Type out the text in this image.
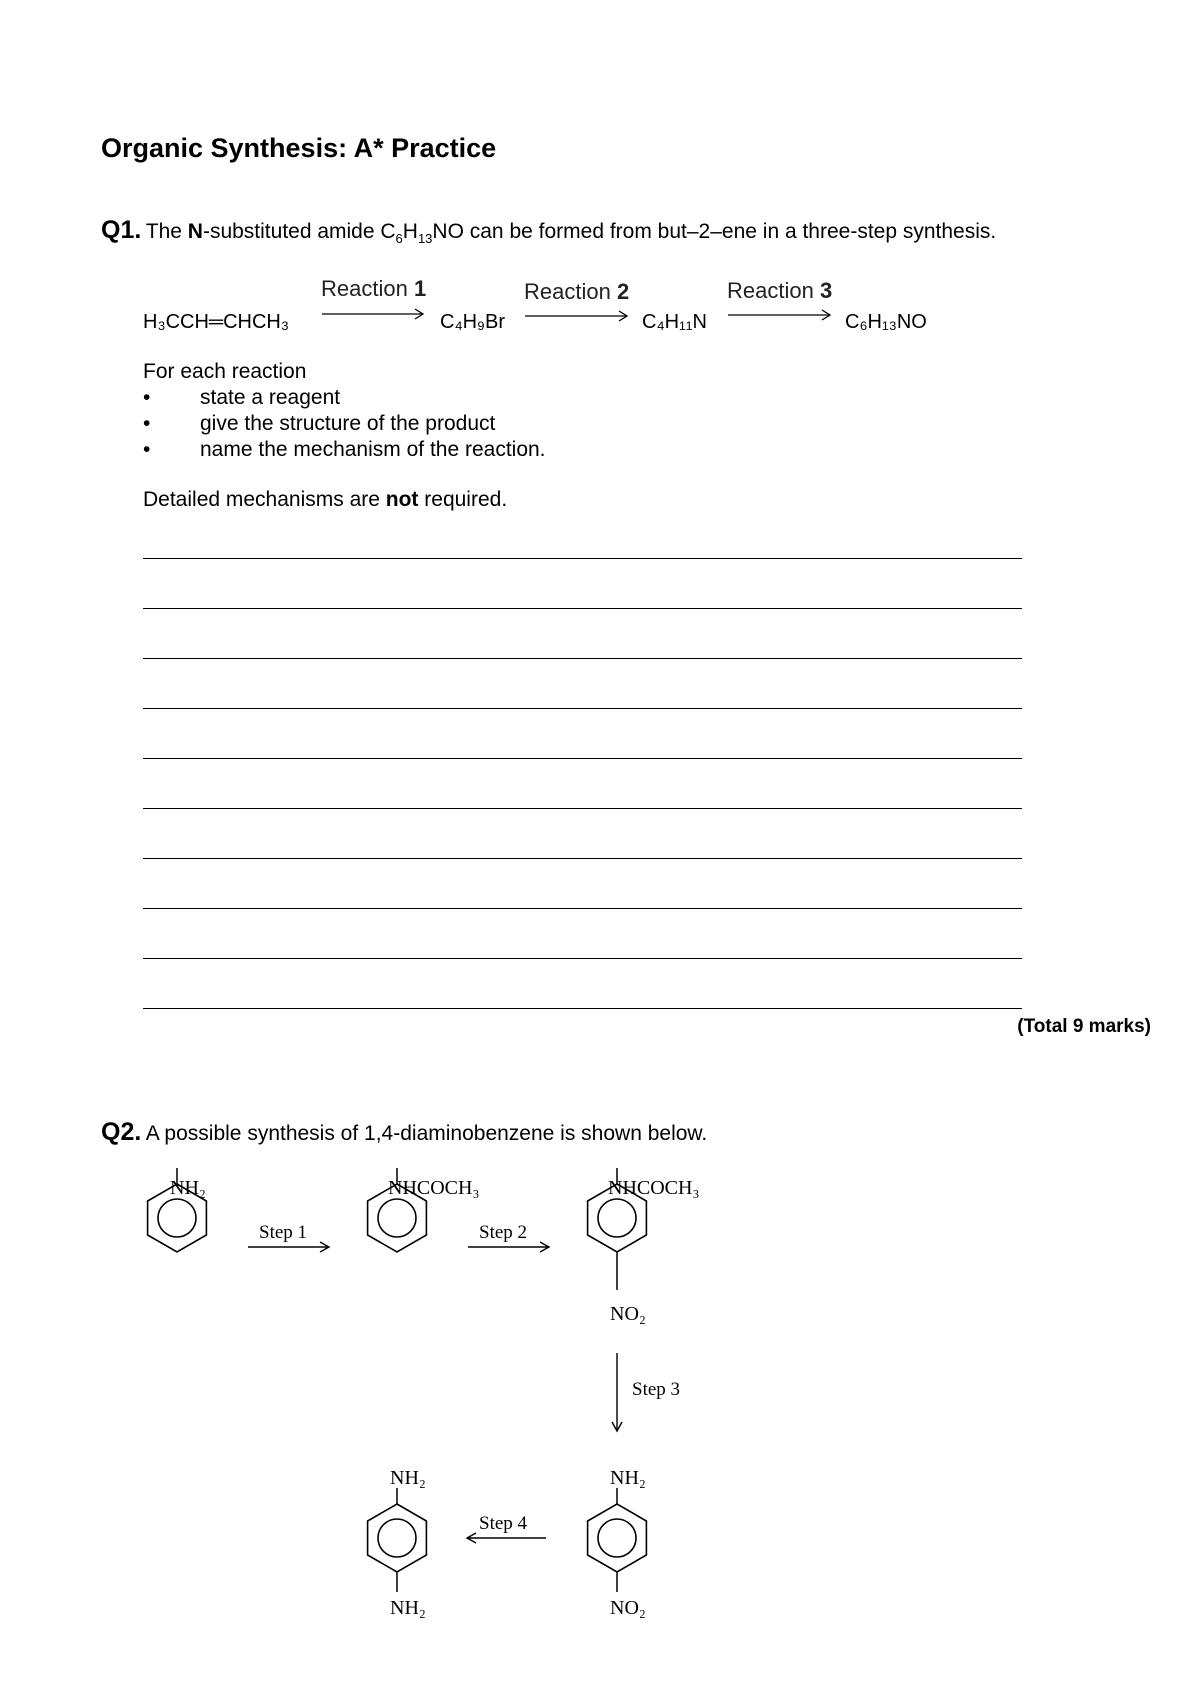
Organic Synthesis: A* Practice
Q1. The N-substituted amide $C_6H_{13}NO$ can be formed from but–2–ene in a three-step synthesis.
Reaction 1	Reaction 2	Reaction 3
H₃CCH═CHCH₃	C₄H₉Br	C₄H₁₁N	C₆H₁₃NO
For each reaction
• state a reagent
• give the structure of the product
• name the mechanism of the reaction.
Detailed mechanisms are not required.
(Total 9 marks)
Q2. A possible synthesis of 1,4-diaminobenzene is shown below.
NH₂	NHCOCH₃	NHCOCH₃
NO₂
NH₂
NO₂
NH₂
NH₂
Step 1	Step 2
Step 3
Step 4
